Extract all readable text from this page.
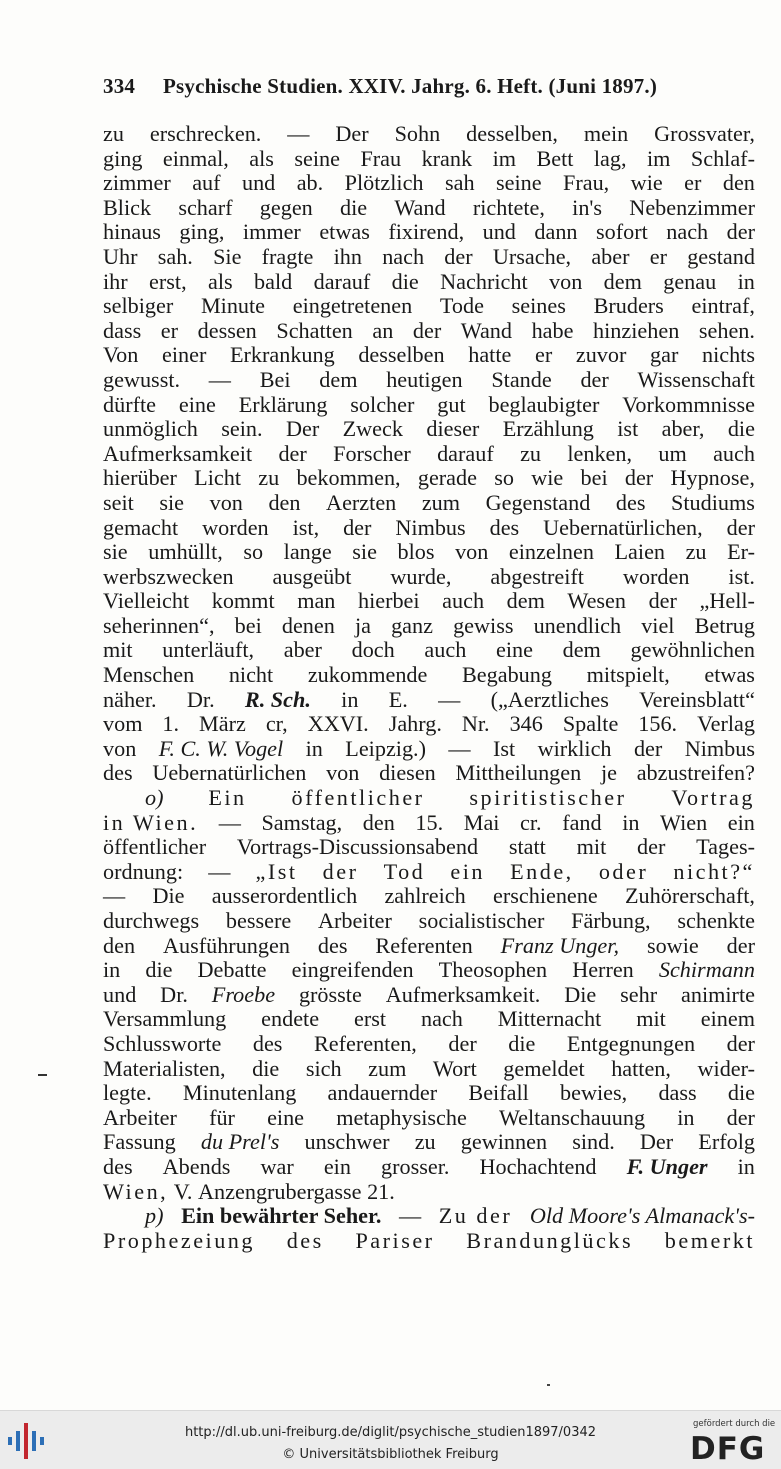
334 Psychische Studien. XXIV. Jahrg. 6. Heft. (Juni 1897.)
zu erschrecken. — Der Sohn desselben, mein Grossvater,
ging einmal, als seine Frau krank im Bett lag, im Schlaf-
zimmer auf und ab. Plötzlich sah seine Frau, wie er den
Blick scharf gegen die Wand richtete, in's Nebenzimmer
hinaus ging, immer etwas fixirend, und dann sofort nach der
Uhr sah. Sie fragte ihn nach der Ursache, aber er gestand
ihr erst, als bald darauf die Nachricht von dem genau in
selbiger Minute eingetretenen Tode seines Bruders eintraf,
dass er dessen Schatten an der Wand habe hinziehen sehen.
Von einer Erkrankung desselben hatte er zuvor gar nichts
gewusst. — Bei dem heutigen Stande der Wissenschaft
dürfte eine Erklärung solcher gut beglaubigter Vorkommnisse
unmöglich sein. Der Zweck dieser Erzählung ist aber, die
Aufmerksamkeit der Forscher darauf zu lenken, um auch
hierüber Licht zu bekommen, gerade so wie bei der Hypnose,
seit sie von den Aerzten zum Gegenstand des Studiums
gemacht worden ist, der Nimbus des Uebernatürlichen, der
sie umhüllt, so lange sie blos von einzelnen Laien zu Er-
werbszwecken ausgeübt wurde, abgestreift worden ist.
Vielleicht kommt man hierbei auch dem Wesen der „Hell-
seherinnen“, bei denen ja ganz gewiss unendlich viel Betrug
mit unterläuft, aber doch auch eine dem gewöhnlichen
Menschen nicht zukommende Begabung mitspielt, etwas
näher. Dr. R. Sch. in E. — („Aerztliches Vereinsblatt“
vom 1. März cr, XXVI. Jahrg. Nr. 346 Spalte 156. Verlag
von F. C. W. Vogel in Leipzig.) — Ist wirklich der Nimbus
des Uebernatürlichen von diesen Mittheilungen je abzustreifen?
o) Ein öffentlicher spiritistischer Vortrag
in Wien. — Samstag, den 15. Mai cr. fand in Wien ein
öffentlicher Vortrags-Discussionsabend statt mit der Tages-
ordnung: — „Ist der Tod ein Ende, oder nicht?“
— Die ausserordentlich zahlreich erschienene Zuhörerschaft,
durchwegs bessere Arbeiter socialistischer Färbung, schenkte
den Ausführungen des Referenten Franz Unger, sowie der
in die Debatte eingreifenden Theosophen Herren Schirmann
und Dr. Froebe grösste Aufmerksamkeit. Die sehr animirte
Versammlung endete erst nach Mitternacht mit einem
Schlussworte des Referenten, der die Entgegnungen der
Materialisten, die sich zum Wort gemeldet hatten, wider-
legte. Minutenlang andauernder Beifall bewies, dass die
Arbeiter für eine metaphysische Weltanschauung in der
Fassung du Prel's unschwer zu gewinnen sind. Der Erfolg
des Abends war ein grosser. Hochachtend F. Unger in
Wien,
V.
Anzengrubergasse
21.
p) Ein bewährter Seher. — Zu der Old Moore's Almanack's-
Prophezeiung des Pariser Brandunglücks bemerkt
http://dl.ub.uni-freiburg.de/diglit/psychische_studien1897/0342
© Universitätsbibliothek Freiburg
gefördert durch die
DFG
